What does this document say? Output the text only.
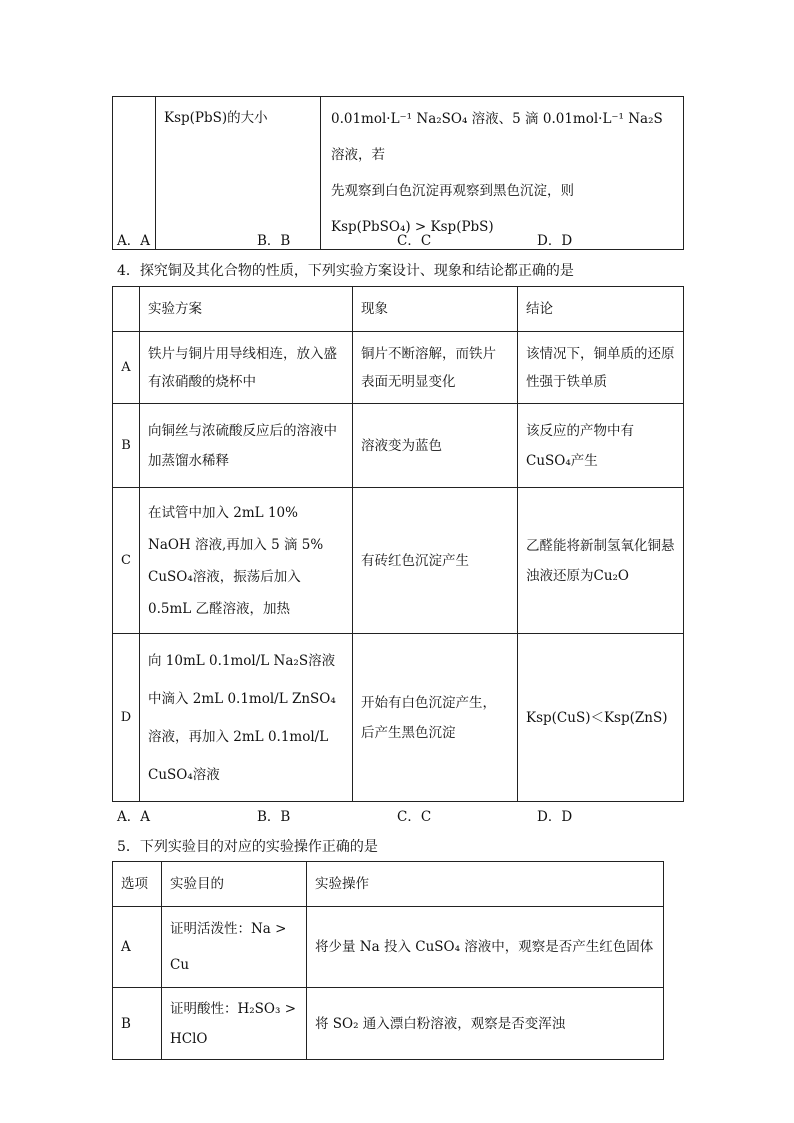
	Ksp(PbS)的大小	0.01mol·L⁻¹ Na₂SO₄ 溶液、5 滴 0.01mol·L⁻¹ Na₂S溶液，若
先观察到白色沉淀再观察到黑色沉淀，则
Ksp(PbSO₄) > Ksp(PbS)
A．A	B．B	C．C	D．D
4．探究铜及其化合物的性质，下列实验方案设计、现象和结论都正确的是
	实验方案	现象	结论
A	铁片与铜片用导线相连，放入盛有浓硝酸的烧杯中	铜片不断溶解，而铁片表面无明显变化	该情况下，铜单质的还原性强于铁单质
B	向铜丝与浓硫酸反应后的溶液中加蒸馏水稀释	溶液变为蓝色	该反应的产物中有CuSO₄产生
C	在试管中加入 2mL 10% NaOH 溶液,再加入 5 滴 5% CuSO₄溶液，振荡后加入 0.5mL 乙醛溶液，加热	有砖红色沉淀产生	乙醛能将新制氢氧化铜悬浊液还原为Cu₂O
D	向 10mL 0.1mol/L Na₂S溶液中滴入 2mL 0.1mol/L ZnSO₄溶液，再加入 2mL 0.1mol/L CuSO₄溶液	开始有白色沉淀产生，后产生黑色沉淀	Ksp(CuS)＜Ksp(ZnS)
A．A	B．B	C．C	D．D
5．下列实验目的对应的实验操作正确的是
选项	实验目的	实验操作
A	证明活泼性：Na > Cu	将少量 Na 投入 CuSO₄ 溶液中，观察是否产生红色固体
B	证明酸性：H₂SO₃ > HClO	将 SO₂ 通入漂白粉溶液，观察是否变浑浊
